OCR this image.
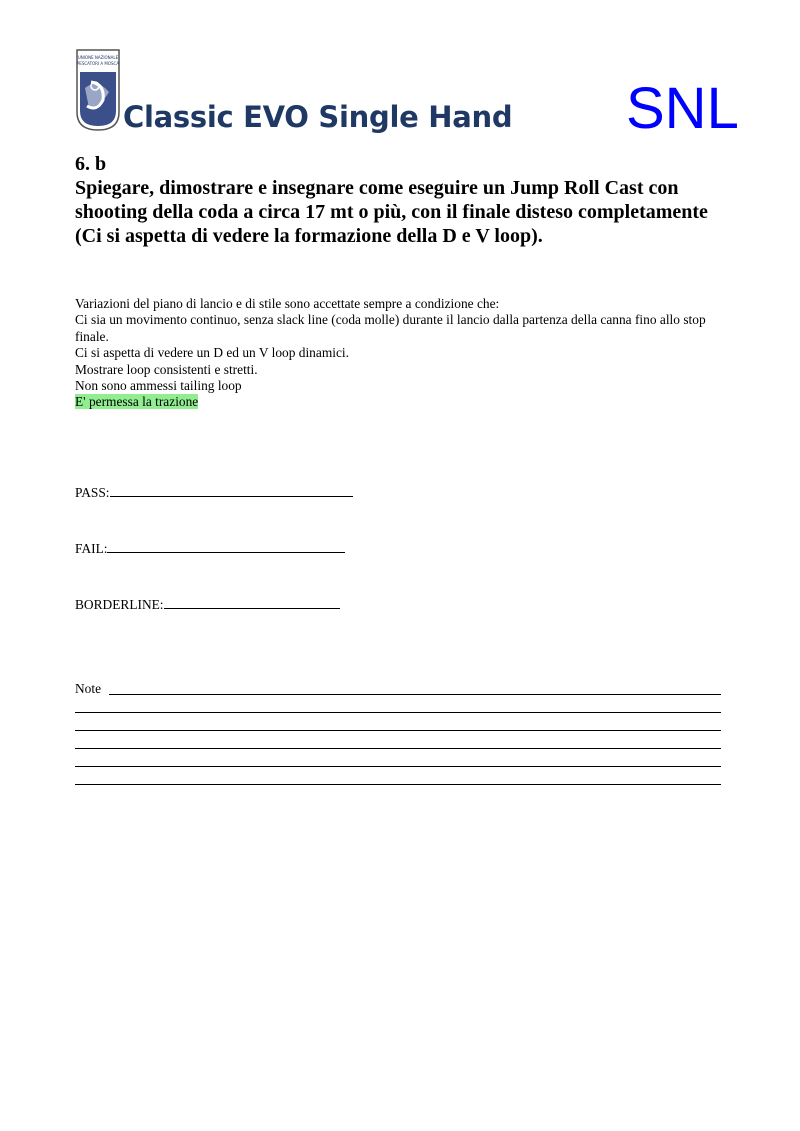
UNIONE NAZIONALE
PESCATORI A MOSCA
Classic EVO Single Hand SNL

6. b

Spiegare, dimostrare e insegnare come eseguire un Jump Roll Cast con shooting della coda a circa 17 mt o più, con il finale disteso completamente (Ci si aspetta di vedere la formazione della D e V loop).

Variazioni del piano di lancio e di stile sono accettate sempre a condizione che:
Ci sia un movimento continuo, senza slack line (coda molle) durante il lancio dalla partenza della canna fino allo stop finale.
Ci si aspetta di vedere un D ed un V loop dinamici.
Mostrare loop consistenti e stretti.
Non sono ammessi tailing loop
E' permessa la trazione
PASS:
FAIL:
BORDERLINE:
Note
